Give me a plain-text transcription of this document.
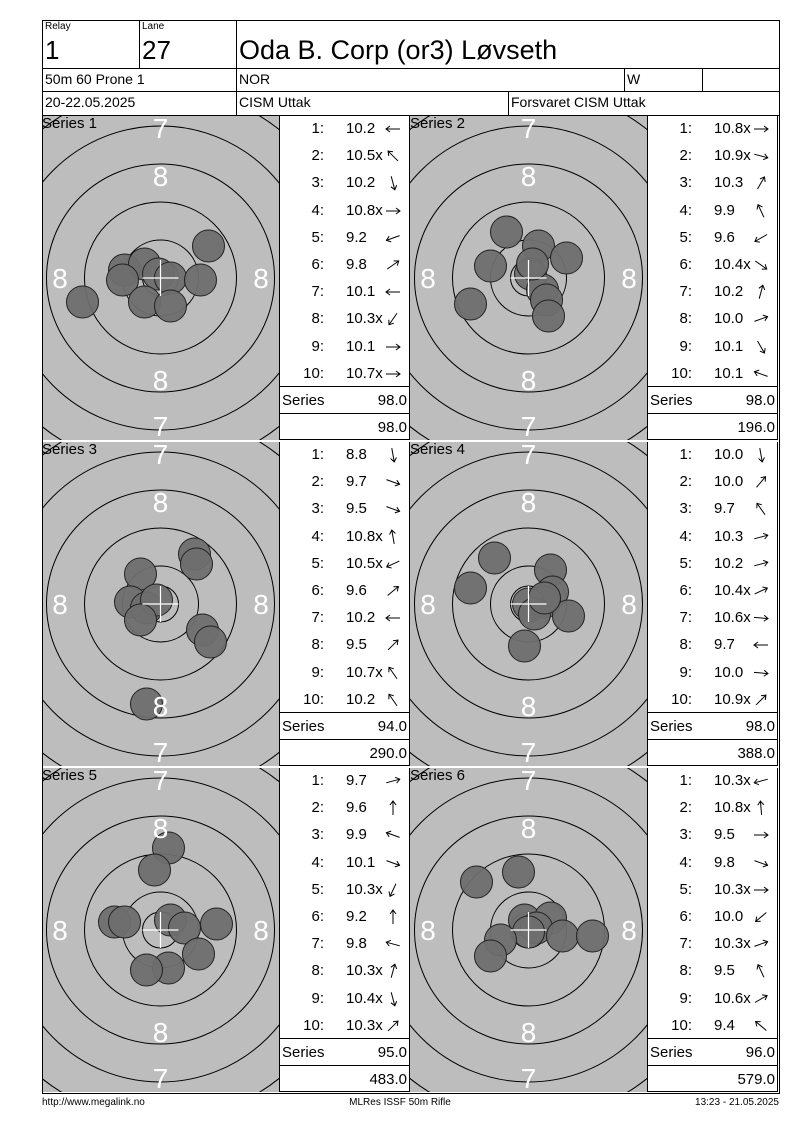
Relay
1
Lane
27	Oda B. Corp (or3) Løvseth
50m 60 Prone 1	NOR	W
20-22.05.2025	CISM Uttak	Forsvaret CISM Uttak
7
8
8	8
8
7
Series 1	1: 10.2
2: 10.5x
3: 10.2
4: 10.8x
5: 9.2
6: 9.8
7: 10.1
8: 10.3x
9: 10.1
10: 10.7x
Series	98.0
98.0
7
8
8	8
8
7
Series 2	1: 10.8x
2: 10.9x
3: 10.3
4: 9.9
5: 9.6
6: 10.4x
7: 10.2
8: 10.0
9: 10.1
10: 10.1
Series	98.0
196.0
7
8
8	8
8
7
Series 3	1: 8.8
2: 9.7
3: 9.5
4: 10.8x
5: 10.5x
6: 9.6
7: 10.2
8: 9.5
9: 10.7x
10: 10.2
Series	94.0
290.0
7
8
8	8
8
7
Series 4	1: 10.0
2: 10.0
3: 9.7
4: 10.3
5: 10.2
6: 10.4x
7: 10.6x
8: 9.7
9: 10.0
10: 10.9x
Series	98.0
388.0
7
8
8	8
8
7
Series 5	1: 9.7
2: 9.6
3: 9.9
4: 10.1
5: 10.3x
6: 9.2
7: 9.8
8: 10.3x
9: 10.4x
10: 10.3x
Series	95.0
483.0
7
8
8	8
8
7
Series 6	1: 10.3x
2: 10.8x
3: 9.5
4: 9.8
5: 10.3x
6: 10.0
7: 10.3x
8: 9.5
9: 10.6x
10: 9.4
Series	96.0
579.0
http://www.megalink.no	MLRes ISSF 50m Rifle	13:23 - 21.05.2025
